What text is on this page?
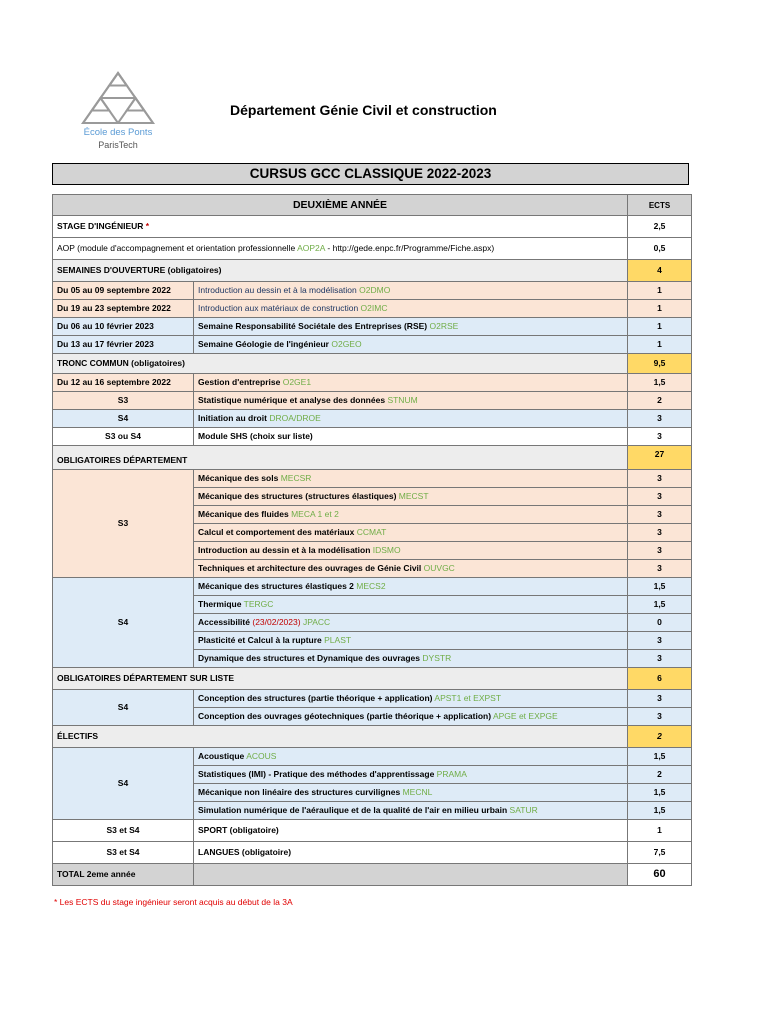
École des Ponts
ParisTech
Département Génie Civil et construction
CURSUS GCC CLASSIQUE 2022-2023
DEUXIÈME ANNÉE		ECTS
STAGE D'INGÉNIEUR *		2,5
AOP (module d'accompagnement et orientation professionnelle AOP2A - http://gede.enpc.fr/Programme/Fiche.aspx)		0,5
SEMAINES D'OUVERTURE (obligatoires)		4
Du 05 au 09 septembre 2022	Introduction au dessin et à la modélisation O2DMO	1
Du 19 au 23 septembre 2022	Introduction aux matériaux de construction O2IMC	1
Du 06 au 10 février 2023	Semaine Responsabilité Sociétale des Entreprises (RSE) O2RSE	1
Du 13 au 17 février 2023	Semaine Géologie de l'ingénieur O2GEO	1
TRONC COMMUN (obligatoires)		9,5
Du 12 au 16 septembre 2022	Gestion d'entreprise O2GE1	1,5
S3	Statistique numérique et analyse des données STNUM	2
S4	Initiation au droit DROA/DROE	3
S3 ou S4	Module SHS (choix sur liste)	3
OBLIGATOIRES DÉPARTEMENT		27
S3	Mécanique des sols MECSR	3
	Mécanique des structures (structures élastiques) MECST	3
	Mécanique des fluides MECA 1 et 2	3
	Calcul et comportement des matériaux CCMAT	3
	Introduction au dessin et à la modélisation IDSMO	3
	Techniques et architecture des ouvrages de Génie Civil OUVGC	3
S4	Mécanique des structures élastiques 2 MECS2	1,5
	Thermique TERGC	1,5
	Accessibilité (23/02/2023) JPACC	0
	Plasticité et Calcul à la rupture PLAST	3
	Dynamique des structures et Dynamique des ouvrages DYSTR	3
OBLIGATOIRES DÉPARTEMENT SUR LISTE		6
S4	Conception des structures (partie théorique + application) APST1 et EXPST	3
	Conception des ouvrages géotechniques (partie théorique + application) APGE et EXPGE	3
ÉLECTIFS		2
S4	Acoustique ACOUS	1,5
	Statistiques (IMI) - Pratique des méthodes d'apprentissage PRAMA	2
	Mécanique non linéaire des structures curvilignes MECNL	1,5
	Simulation numérique de l'aéraulique et de la qualité de l'air en milieu urbain SATUR	1,5
S3 et S4	SPORT (obligatoire)	1
S3 et S4	LANGUES (obligatoire)	7,5
TOTAL 2eme année		60
* Les ECTS du stage ingénieur seront acquis au début de la 3A
